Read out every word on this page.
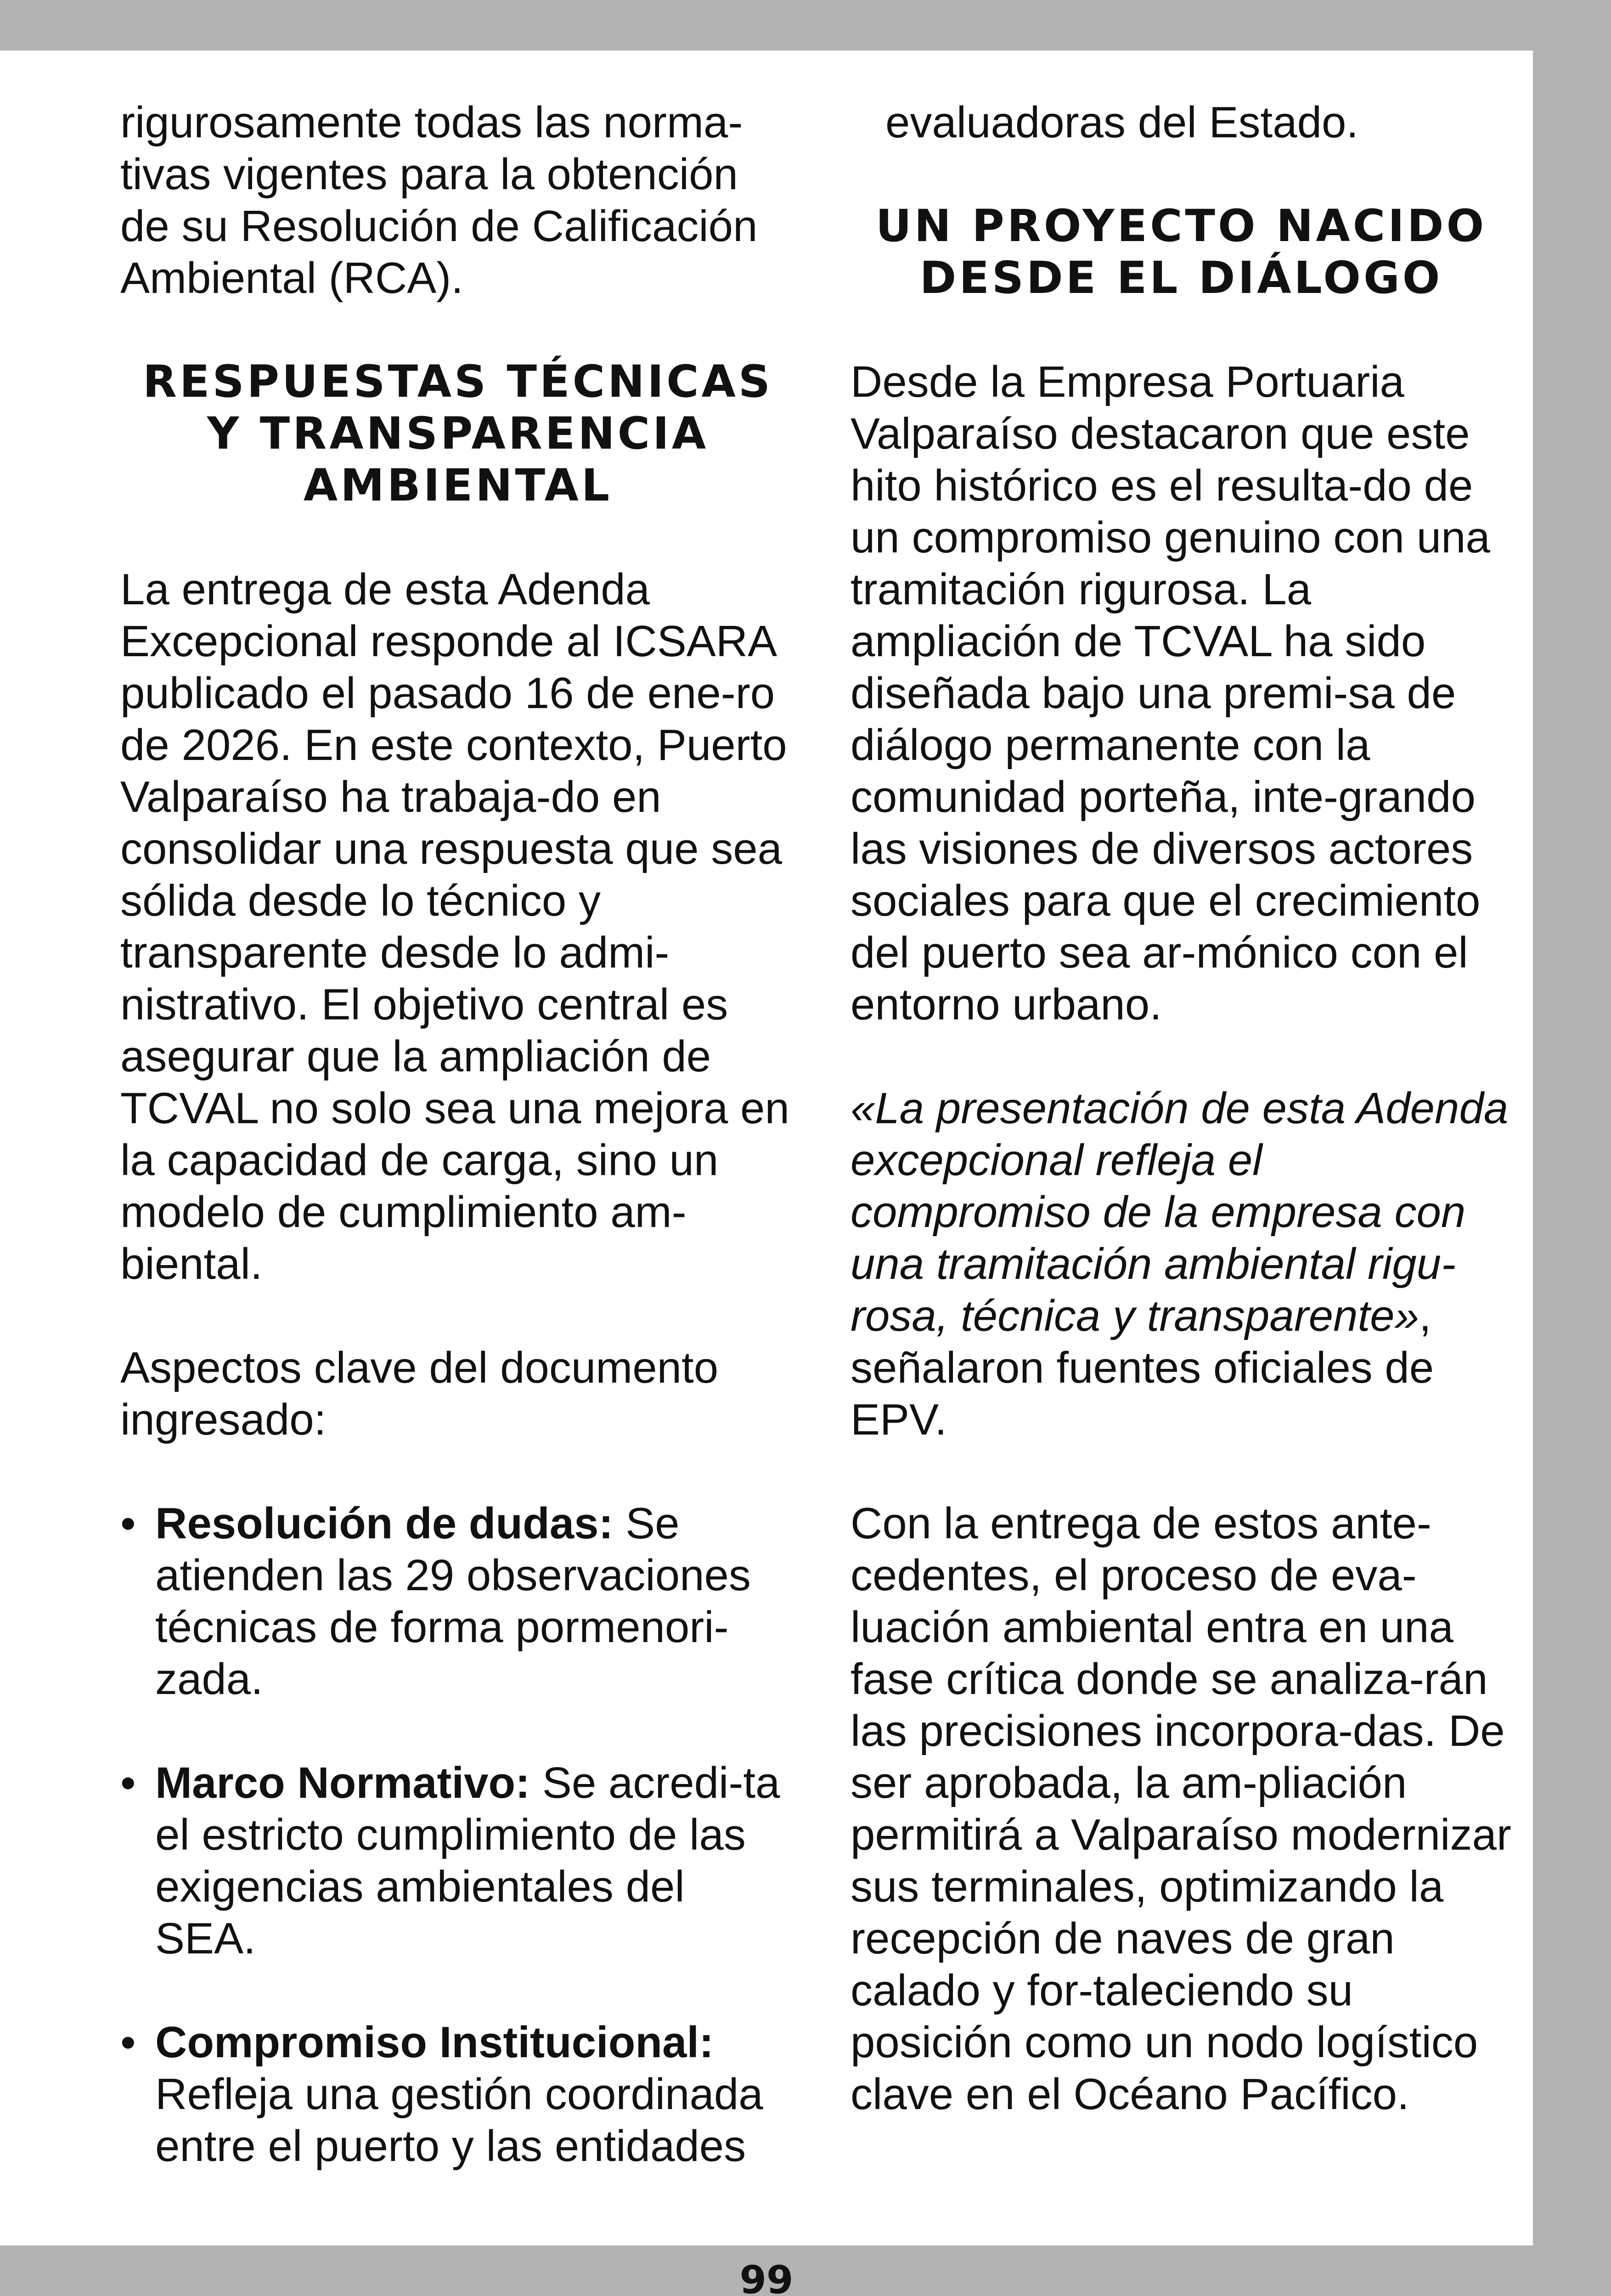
rigurosamente todas las norma-tivas vigentes para la obtención de su Resolución de Calificación Ambiental (RCA).

RESPUESTAS TÉCNICAS Y TRANSPARENCIA AMBIENTAL

La entrega de esta Adenda Excepcional responde al ICSARA publicado el pasado 16 de ene-ro de 2026. En este contexto, Puerto Valparaíso ha trabaja-do en consolidar una respuesta que sea sólida desde lo técnico y transparente desde lo admi-nistrativo. El objetivo central es asegurar que la ampliación de TCVAL no solo sea una mejora en la capacidad de carga, sino un modelo de cumplimiento am-biental.

Aspectos clave del documento ingresado:

• Resolución de dudas: Se atienden las 29 observaciones técnicas de forma pormenori-zada.
• Marco Normativo: Se acredi-ta el estricto cumplimiento de las exigencias ambientales del SEA.
• Compromiso Institucional: Refleja una gestión coordinada entre el puerto y las entidades

evaluadoras del Estado.

UN PROYECTO NACIDO DESDE EL DIÁLOGO

Desde la Empresa Portuaria Valparaíso destacaron que este hito histórico es el resulta-do de un compromiso genuino con una tramitación rigurosa. La ampliación de TCVAL ha sido diseñada bajo una premi-sa de diálogo permanente con la comunidad porteña, inte-grando las visiones de diversos actores sociales para que el crecimiento del puerto sea ar-mónico con el entorno urbano.

«La presentación de esta Adenda excepcional refleja el compromiso de la empresa con una tramitación ambiental rigu-rosa, técnica y transparente», señalaron fuentes oficiales de EPV.

Con la entrega de estos ante-cedentes, el proceso de eva-luación ambiental entra en una fase crítica donde se analiza-rán las precisiones incorpora-das. De ser aprobada, la am-pliación permitirá a Valparaíso modernizar sus terminales, optimizando la recepción de naves de gran calado y for-taleciendo su posición como un nodo logístico clave en el Océano Pacífico.

99
